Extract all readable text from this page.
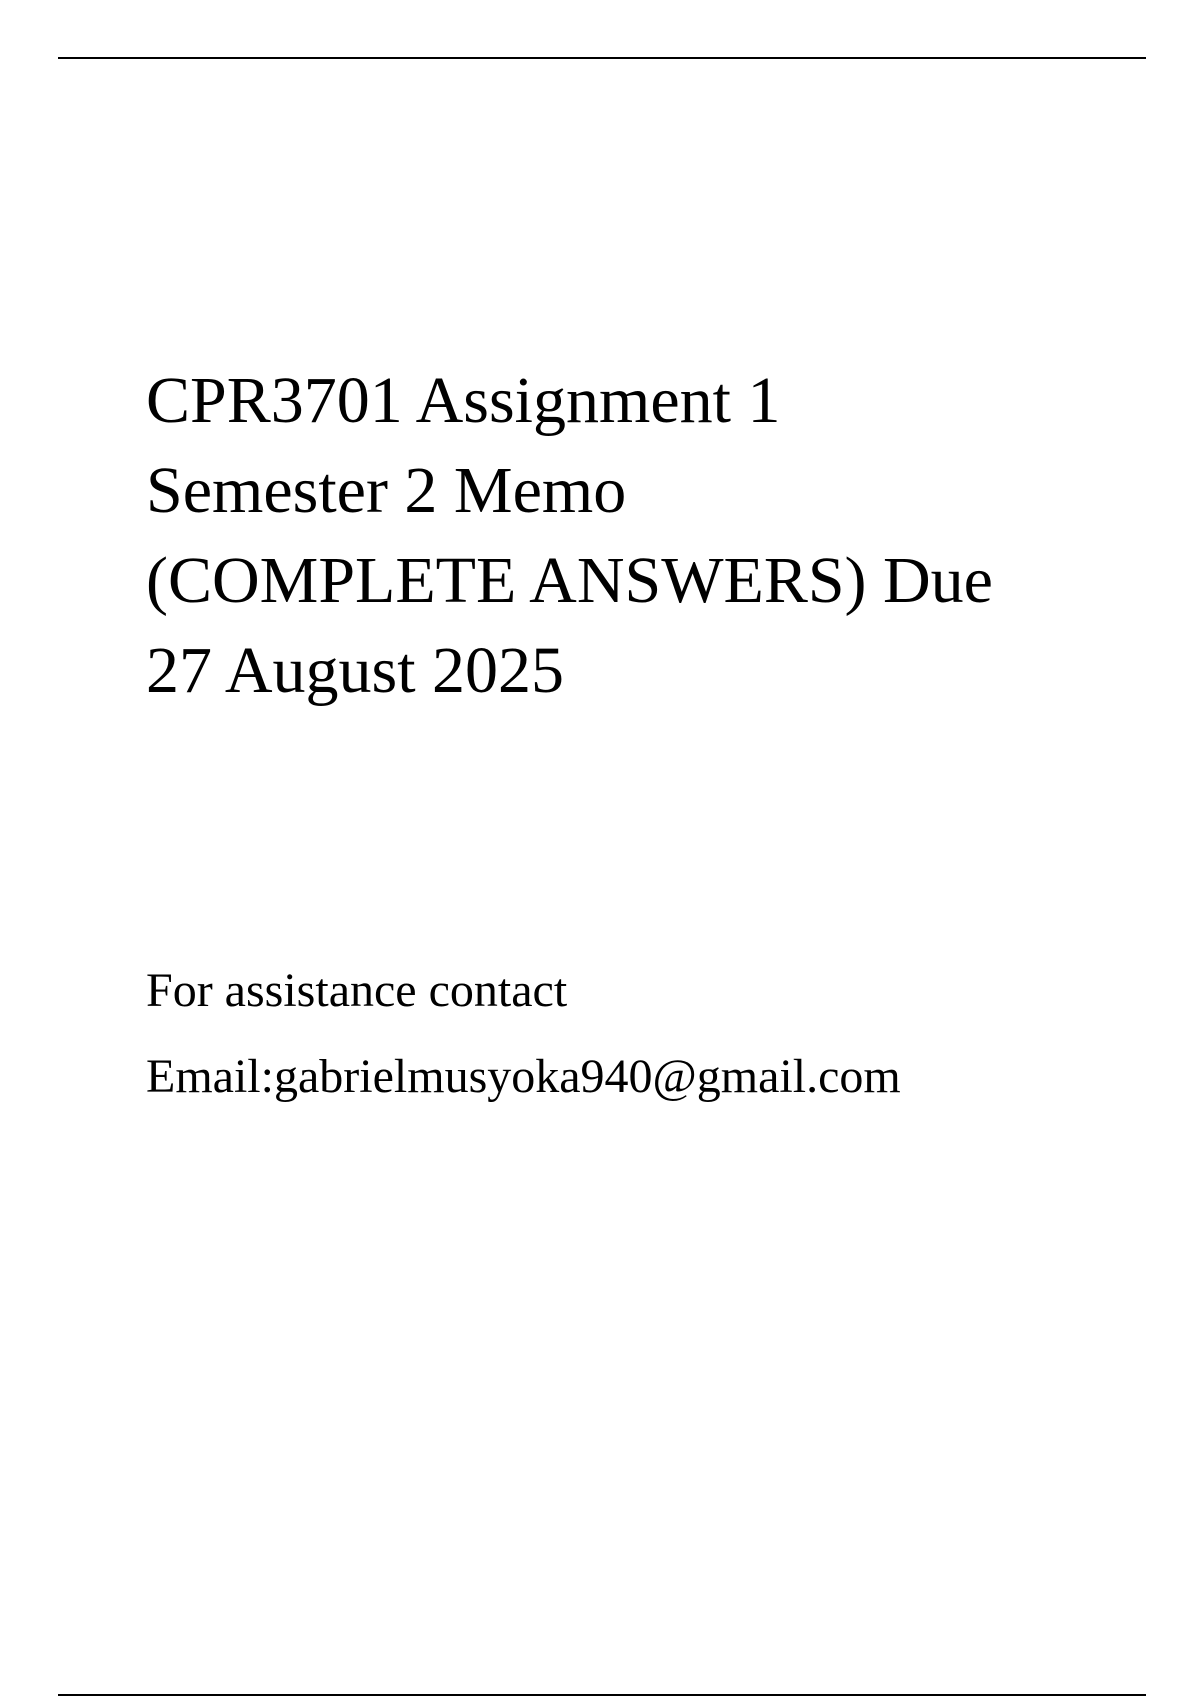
CPR3701 Assignment 1
Semester 2 Memo
(COMPLETE ANSWERS) Due
27 August 2025
For assistance contact
Email:gabrielmusyoka940@gmail.com
